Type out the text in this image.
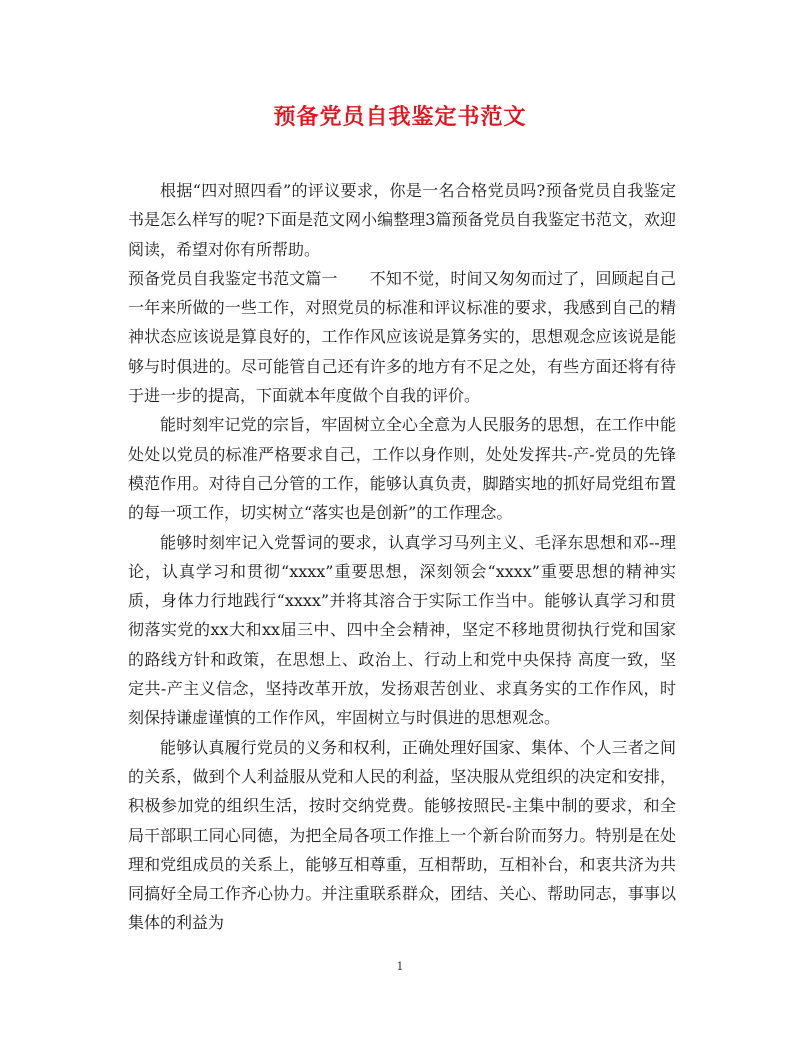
预备党员自我鉴定书范文

根据“四对照四看”的评议要求，你是一名合格党员吗?预备党员自我鉴定书是怎么样写的呢?下面是范文网小编整理3篇预备党员自我鉴定书范文，欢迎阅读，希望对你有所帮助。

预备党员自我鉴定书范文篇一　　不知不觉，时间又匆匆而过了，回顾起自己一年来所做的一些工作，对照党员的标准和评议标准的要求，我感到自己的精神状态应该说是算良好的，工作作风应该说是算务实的，思想观念应该说是能够与时俱进的。尽可能管自己还有许多的地方有不足之处，有些方面还将有待于进一步的提高，下面就本年度做个自我的评价。

能时刻牢记党的宗旨，牢固树立全心全意为人民服务的思想，在工作中能处处以党员的标准严格要求自己，工作以身作则，处处发挥共-产-党员的先锋模范作用。对待自己分管的工作，能够认真负责，脚踏实地的抓好局党组布置的每一项工作，切实树立“落实也是创新”的工作理念。

能够时刻牢记入党誓词的要求，认真学习马列主义、毛泽东思想和邓--理论，认真学习和贯彻“xxxx”重要思想，深刻领会“xxxx”重要思想的精神实质，身体力行地践行“xxxx”并将其溶合于实际工作当中。能够认真学习和贯彻落实党的xx大和xx届三中、四中全会精神，坚定不移地贯彻执行党和国家的路线方针和政策，在思想上、政治上、行动上和党中央保持 高度一致，坚定共-产主义信念，坚持改革开放，发扬艰苦创业、求真务实的工作作风，时刻保持谦虚谨慎的工作作风，牢固树立与时俱进的思想观念。

能够认真履行党员的义务和权利，正确处理好国家、集体、个人三者之间的关系，做到个人利益服从党和人民的利益，坚决服从党组织的决定和安排，积极参加党的组织生活，按时交纳党费。能够按照民-主集中制的要求，和全局干部职工同心同德，为把全局各项工作推上一个新台阶而努力。特别是在处理和党组成员的关系上，能够互相尊重，互相帮助，互相补台，和衷共济为共同搞好全局工作齐心协力。并注重联系群众，团结、关心、帮助同志，事事以集体的利益为

1
